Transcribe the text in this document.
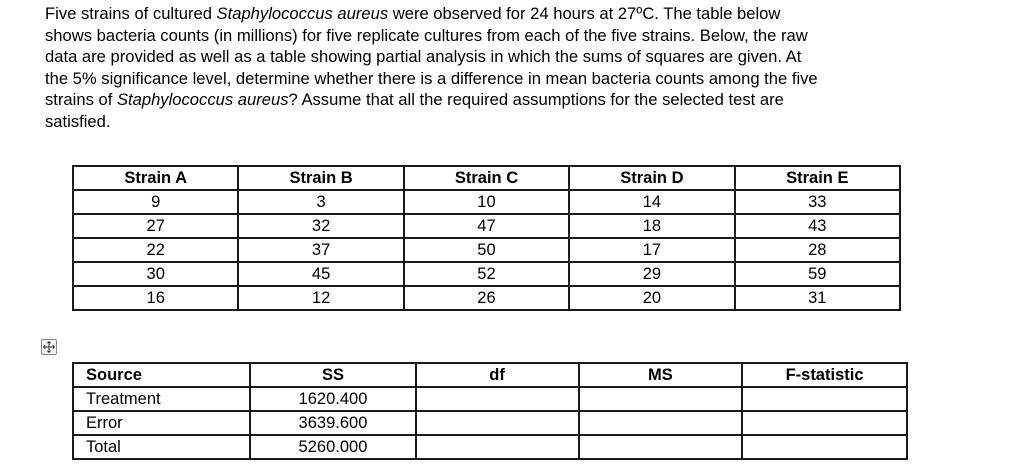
Five strains of cultured Staphylococcus aureus were observed for 24 hours at 27ºC. The table below
shows bacteria counts (in millions) for five replicate cultures from each of the five strains. Below, the raw
data are provided as well as a table showing partial analysis in which the sums of squares are given. At
the 5% significance level, determine whether there is a difference in mean bacteria counts among the five
strains of Staphylococcus aureus? Assume that all the required assumptions for the selected test are
satisfied.
Strain A	Strain B	Strain C	Strain D	Strain E
9	3	10	14	33
27	32	47	18	43
22	37	50	17	28
30	45	52	29	59
16	12	26	20	31
Source	SS	df	MS	F-statistic
Treatment	1620.400			
Error	3639.600			
Total	5260.000			
